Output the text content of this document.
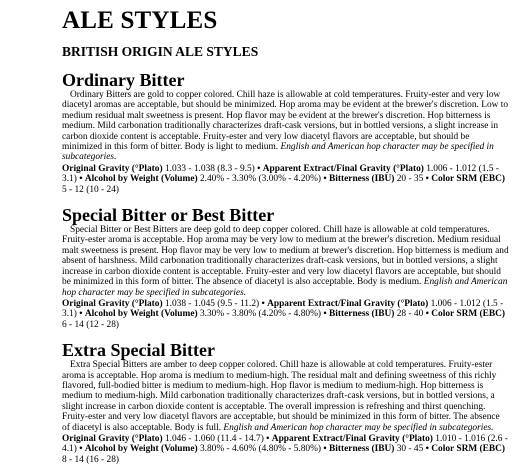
ALE STYLES
BRITISH ORIGIN ALE STYLES
Ordinary Bitter

Ordinary Bitters are gold to copper colored. Chill haze is allowable at cold temperatures. Fruity-ester and very low diacetyl aromas are acceptable, but should be minimized. Hop aroma may be evident at the brewer's discretion. Low to medium residual malt sweetness is present. Hop flavor may be evident at the brewer's discretion. Hop bitterness is medium. Mild carbonation traditionally characterizes draft-cask versions, but in bottled versions, a slight increase in carbon dioxide content is acceptable. Fruity-ester and very low diacetyl flavors are acceptable, but should be minimized in this form of bitter. Body is light to medium. English and American hop character may be specified in subcategories.

Original Gravity (°Plato) 1.033 - 1.038 (8.3 - 9.5) • Apparent Extract/Final Gravity (°Plato) 1.006 - 1.012 (1.5 - 3.1) • Alcohol by Weight (Volume) 2.40% - 3.30% (3.00% - 4.20%) • Bitterness (IBU) 20 - 35 • Color SRM (EBC) 5 - 12 (10 - 24)

Special Bitter or Best Bitter

Special Bitter or Best Bitters are deep gold to deep copper colored. Chill haze is allowable at cold temperatures. Fruity-ester aroma is acceptable. Hop aroma may be very low to medium at the brewer's discretion. Medium residual malt sweetness is present. Hop flavor may be very low to medium at brewer's discretion. Hop bitterness is medium and absent of harshness. Mild carbonation traditionally characterizes draft-cask versions, but in bottled versions, a slight increase in carbon dioxide content is acceptable. Fruity-ester and very low diacetyl flavors are acceptable, but should be minimized in this form of bitter. The absence of diacetyl is also acceptable. Body is medium. English and American hop character may be specified in subcategories.

Original Gravity (°Plato) 1.038 - 1.045 (9.5 - 11.2) • Apparent Extract/Final Gravity (°Plato) 1.006 - 1.012 (1.5 - 3.1) • Alcohol by Weight (Volume) 3.30% - 3.80% (4.20% - 4.80%) • Bitterness (IBU) 28 - 40 • Color SRM (EBC) 6 - 14 (12 - 28)

Extra Special Bitter

Extra Special Bitters are amber to deep copper colored. Chill haze is allowable at cold temperatures. Fruity-ester aroma is acceptable. Hop aroma is medium to medium-high. The residual malt and defining sweetness of this richly flavored, full-bodied bitter is medium to medium-high. Hop flavor is medium to medium-high. Hop bitterness is medium to medium-high. Mild carbonation traditionally characterizes draft-cask versions, but in bottled versions, a slight increase in carbon dioxide content is acceptable. The overall impression is refreshing and thirst quenching. Fruity-ester and very low diacetyl flavors are acceptable, but should be minimized in this form of bitter. The absence of diacetyl is also acceptable. Body is full. English and American hop character may be specified in subcategories.

Original Gravity (°Plato) 1.046 - 1.060 (11.4 - 14.7) • Apparent Extract/Final Gravity (°Plato) 1.010 - 1.016 (2.6 - 4.1) • Alcohol by Weight (Volume) 3.80% - 4.60% (4.80% - 5.80%) • Bitterness (IBU) 30 - 45 • Color SRM (EBC) 8 - 14 (16 - 28)
